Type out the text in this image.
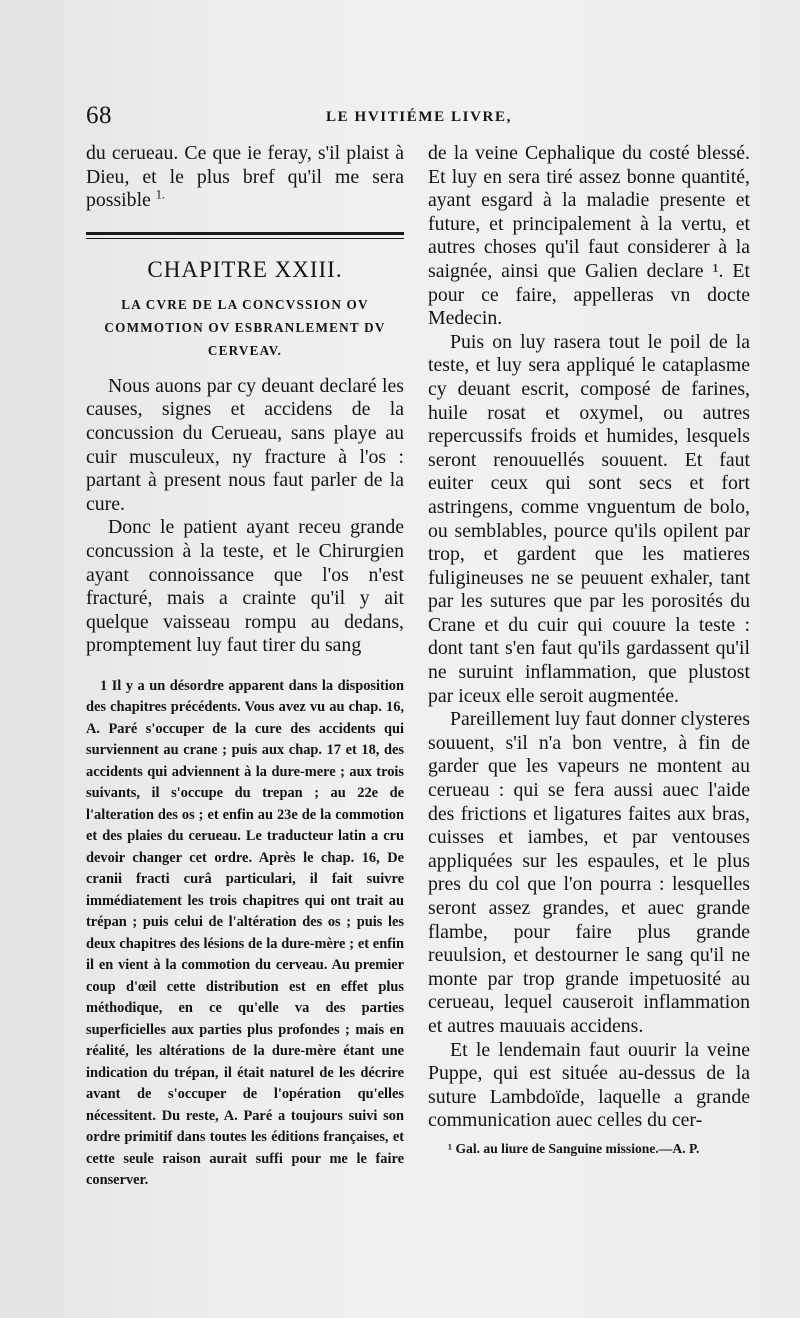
68	LE HVITIÉME LIVRE,

du cerueau. Ce que ie feray, s'il plaist à Dieu, et le plus bref qu'il me sera possible $^{1.}$

CHAPITRE XXIII.
LA CVRE DE LA CONCVSSION OV COMMOTION OV ESBRANLEMENT DV CERVEAV.

Nous auons par cy deuant declaré les causes, signes et accidens de la concussion du Cerueau, sans playe au cuir musculeux, ny fracture à l'os : partant à present nous faut parler de la cure.

Donc le patient ayant receu grande concussion à la teste, et le Chirurgien ayant connoissance que l'os n'est fracturé, mais a crainte qu'il y ait quelque vaisseau rompu au dedans, promptement luy faut tirer du sang

1 Il y a un désordre apparent dans la disposition des chapitres précédents. Vous avez vu au chap. 16, A. Paré s'occuper de la cure des accidents qui surviennent au crane ; puis aux chap. 17 et 18, des accidents qui adviennent à la dure-mere ; aux trois suivants, il s'occupe du trepan ; au 22e de l'alteration des os ; et enfin au 23e de la commotion et des plaies du cerueau. Le traducteur latin a cru devoir changer cet ordre. Après le chap. 16, De cranii fracti curâ particulari, il fait suivre immédiatement les trois chapitres qui ont trait au trépan ; puis celui de l'altération des os ; puis les deux chapitres des lésions de la dure-mère ; et enfin il en vient à la commotion du cerveau. Au premier coup d'œil cette distribution est en effet plus méthodique, en ce qu'elle va des parties superficielles aux parties plus profondes ; mais en réalité, les altérations de la dure-mère étant une indication du trépan, il était naturel de les décrire avant de s'occuper de l'opération qu'elles nécessitent. Du reste, A. Paré a toujours suivi son ordre primitif dans toutes les éditions françaises, et cette seule raison aurait suffi pour me le faire conserver.

de la veine Cephalique du costé blessé. Et luy en sera tiré assez bonne quantité, ayant esgard à la maladie presente et future, et principalement à la vertu, et autres choses qu'il faut considerer à la saignée, ainsi que Galien declare ¹. Et pour ce faire, appelleras vn docte Medecin.

Puis on luy rasera tout le poil de la teste, et luy sera appliqué le cataplasme cy deuant escrit, composé de farines, huile rosat et oxymel, ou autres repercussifs froids et humides, lesquels seront renouuellés souuent. Et faut euiter ceux qui sont secs et fort astringens, comme vnguentum de bolo, ou semblables, pource qu'ils opilent par trop, et gardent que les matieres fuligineuses ne se peuuent exhaler, tant par les sutures que par les porosités du Crane et du cuir qui couure la teste : dont tant s'en faut qu'ils gardassent qu'il ne suruint inflammation, que plustost par iceux elle seroit augmentée.

Pareillement luy faut donner clysteres souuent, s'il n'a bon ventre, à fin de garder que les vapeurs ne montent au cerueau : qui se fera aussi auec l'aide des frictions et ligatures faites aux bras, cuisses et iambes, et par ventouses appliquées sur les espaules, et le plus pres du col que l'on pourra : lesquelles seront assez grandes, et auec grande flambe, pour faire plus grande reuulsion, et destourner le sang qu'il ne monte par trop grande impetuosité au cerueau, lequel causeroit inflammation et autres mauuais accidens.

Et le lendemain faut ouurir la veine Puppe, qui est située au-dessus de la suture Lambdoïde, laquelle a grande communication auec celles du cer-

¹ Gal. au liure de Sanguine missione.—A. P.
